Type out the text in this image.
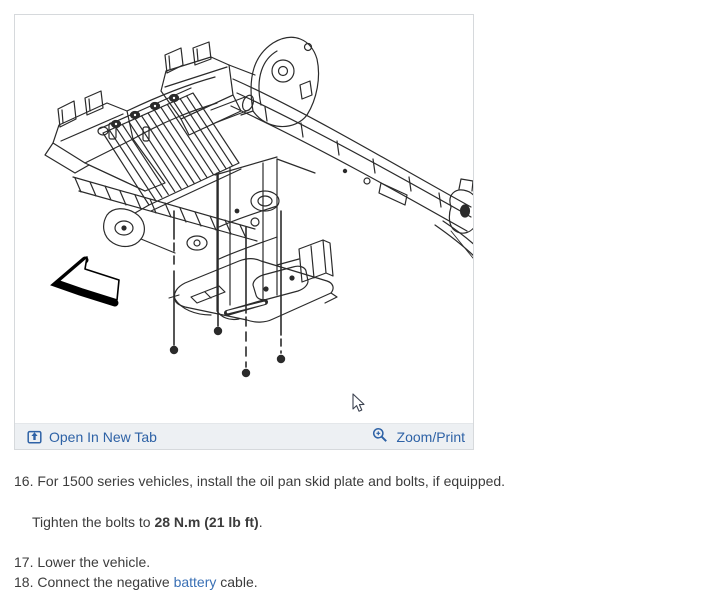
Open In New Tab	Zoom/Print

16. For 1500 series vehicles, install the oil pan skid plate and bolts, if equipped.

Tighten the bolts to 28 N.m (21 lb ft).

17. Lower the vehicle.

18. Connect the negative battery cable.
